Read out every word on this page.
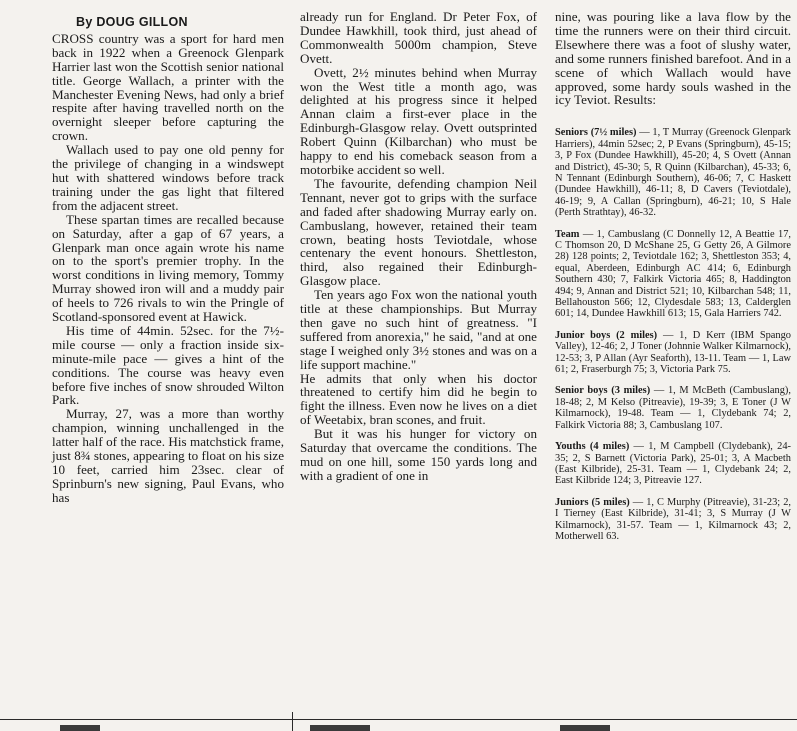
By DOUG GILLON

CROSS country was a sport for hard men back in 1922 when a Greenock Glenpark Harrier last won the Scottish senior national title. George Wallach, a printer with the Manchester Evening News, had only a brief respite after having travelled north on the overnight sleeper before capturing the crown.

Wallach used to pay one old penny for the privilege of changing in a windswept hut with shattered windows before track training under the gas light that filtered from the adjacent street.

These spartan times are recalled because on Saturday, after a gap of 67 years, a Glenpark man once again wrote his name on to the sport's premier trophy. In the worst conditions in living memory, Tommy Murray showed iron will and a muddy pair of heels to 726 rivals to win the Pringle of Scotland-sponsored event at Hawick.

His time of 44min. 52sec. for the 7½-mile course — only a fraction inside six-minute-mile pace — gives a hint of the conditions. The course was heavy even before five inches of snow shrouded Wilton Park.

Murray, 27, was a more than worthy champion, winning unchallenged in the latter half of the race. His matchstick frame, just 8¾ stones, appearing to float on his size 10 feet, carried him 23sec. clear of Sprinburn's new signing, Paul Evans, who has

already run for England. Dr Peter Fox, of Dundee Hawkhill, took third, just ahead of Commonwealth 5000m champion, Steve Ovett.

Ovett, 2½ minutes behind when Murray won the West title a month ago, was delighted at his progress since it helped Annan claim a first-ever place in the Edinburgh-Glasgow relay. Ovett outsprinted Robert Quinn (Kilbarchan) who must be happy to end his comeback season from a motorbike accident so well.

The favourite, defending champion Neil Tennant, never got to grips with the surface and faded after shadowing Murray early on. Cambuslang, however, retained their team crown, beating hosts Teviotdale, whose centenary the event honours. Shettleston, third, also regained their Edinburgh-Glasgow place.

Ten years ago Fox won the national youth title at these championships. But Murray then gave no such hint of greatness. "I suffered from anorexia," he said, "and at one stage I weighed only 3½ stones and was on a life support machine."

He admits that only when his doctor threatened to certify him did he begin to fight the illness. Even now he lives on a diet of Weetabix, bran scones, and fruit.

But it was his hunger for victory on Saturday that overcame the conditions. The mud on one hill, some 150 yards long and with a gradient of one in

nine, was pouring like a lava flow by the time the runners were on their third circuit. Elsewhere there was a foot of slushy water, and some runners finished barefoot. And in a scene of which Wallach would have approved, some hardy souls washed in the icy Teviot. Results:

Seniors (7½ miles) — 1, T Murray (Greenock Glenpark Harriers), 44min 52sec; 2, P Evans (Springburn), 45-15; 3, P Fox (Dundee Hawkhill), 45-20; 4, S Ovett (Annan and District), 45-30; 5, R Quinn (Kilbarchan), 45-33; 6, N Tennant (Edinburgh Southern), 46-06; 7, C Haskett (Dundee Hawkhill), 46-11; 8, D Cavers (Teviotdale), 46-19; 9, A Callan (Springburn), 46-21; 10, S Hale (Perth Strathtay), 46-32.

Team — 1, Cambuslang (C Donnelly 12, A Beattie 17, C Thomson 20, D McShane 25, G Getty 26, A Gilmore 28) 128 points; 2, Teviotdale 162; 3, Shettleston 353; 4, equal, Aberdeen, Edinburgh AC 414; 6, Edinburgh Southern 430; 7, Falkirk Victoria 465; 8, Haddington 494; 9, Annan and District 521; 10, Kilbarchan 548; 11, Bellahouston 566; 12, Clydesdale 583; 13, Calderglen 601; 14, Dundee Hawkhill 613; 15, Gala Harriers 742.

Junior boys (2 miles) — 1, D Kerr (IBM Spango Valley), 12-46; 2, J Toner (Johnnie Walker Kilmarnock), 12-53; 3, P Allan (Ayr Seaforth), 13-11. Team — 1, Law 61; 2, Fraserburgh 75; 3, Victoria Park 75.

Senior boys (3 miles) — 1, M McBeth (Cambuslang), 18-48; 2, M Kelso (Pitreavie), 19-39; 3, E Toner (J W Kilmarnock), 19-48. Team — 1, Clydebank 74; 2, Falkirk Victoria 88; 3, Cambuslang 107.

Youths (4 miles) — 1, M Campbell (Clydebank), 24-35; 2, S Barnett (Victoria Park), 25-01; 3, A Macbeth (East Kilbride), 25-31. Team — 1, Clydebank 24; 2, East Kilbride 124; 3, Pitreavie 127.

Juniors (5 miles) — 1, C Murphy (Pitreavie), 31-23; 2, I Tierney (East Kilbride), 31-41; 3, S Murray (J W Kilmarnock), 31-57. Team — 1, Kilmarnock 43; 2, Motherwell 63.
